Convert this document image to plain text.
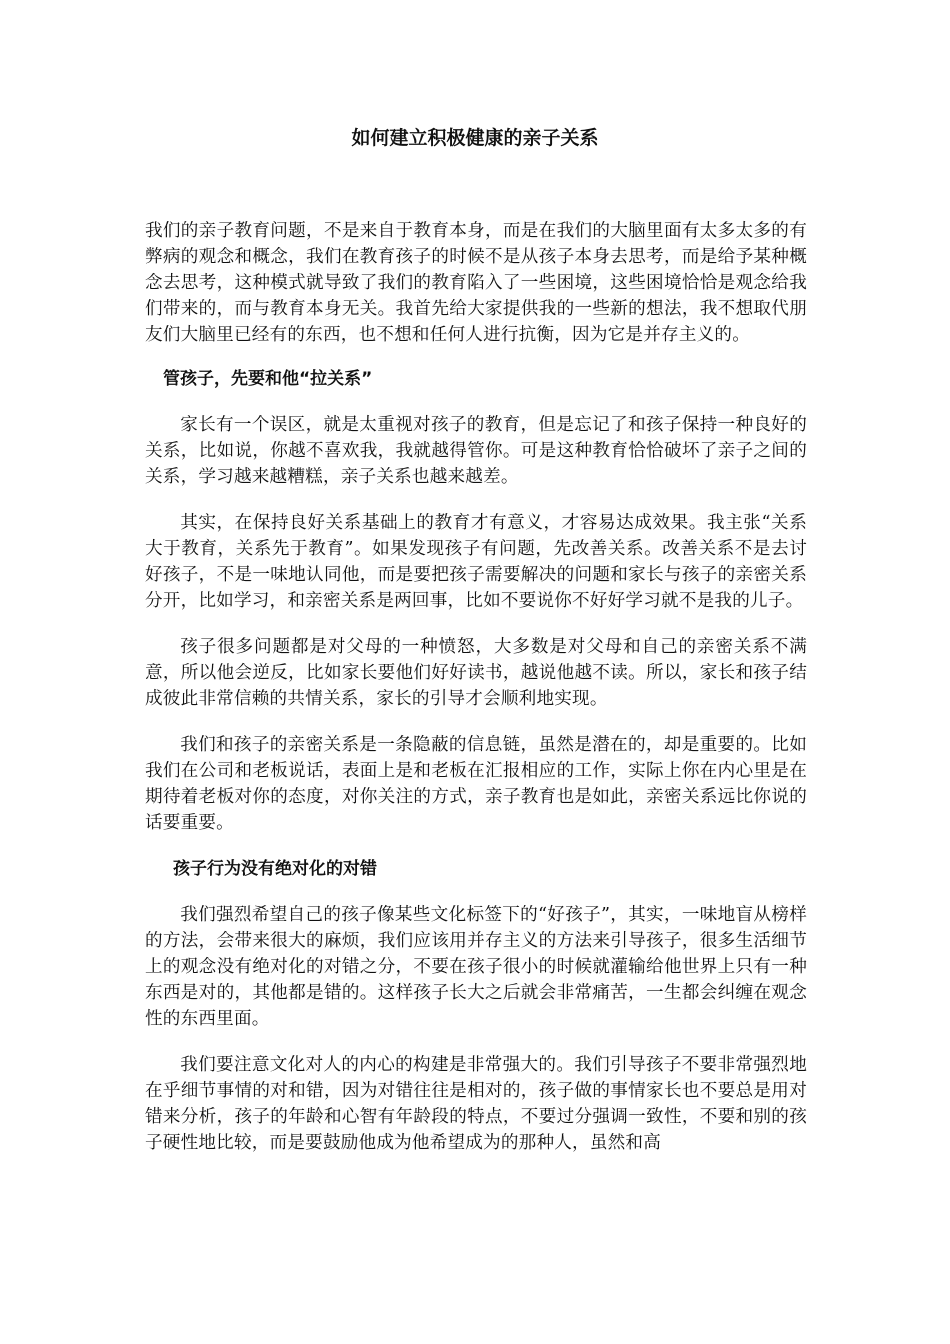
如何建立积极健康的亲子关系

我们的亲子教育问题，不是来自于教育本身，而是在我们的大脑里面有太多太多的有弊病的观念和概念，我们在教育孩子的时候不是从孩子本身去思考，而是给予某种概念去思考，这种模式就导致了我们的教育陷入了一些困境，这些困境恰恰是观念给我们带来的，而与教育本身无关。我首先给大家提供我的一些新的想法，我不想取代朋友们大脑里已经有的东西，也不想和任何人进行抗衡，因为它是并存主义的。

管孩子，先要和他“拉关系”

家长有一个误区，就是太重视对孩子的教育，但是忘记了和孩子保持一种良好的关系，比如说，你越不喜欢我，我就越得管你。可是这种教育恰恰破坏了亲子之间的关系，学习越来越糟糕，亲子关系也越来越差。

其实，在保持良好关系基础上的教育才有意义，才容易达成效果。我主张“关系大于教育，关系先于教育”。如果发现孩子有问题，先改善关系。改善关系不是去讨好孩子，不是一味地认同他，而是要把孩子需要解决的问题和家长与孩子的亲密关系分开，比如学习，和亲密关系是两回事，比如不要说你不好好学习就不是我的儿子。

孩子很多问题都是对父母的一种愤怒，大多数是对父母和自己的亲密关系不满意，所以他会逆反，比如家长要他们好好读书，越说他越不读。所以，家长和孩子结成彼此非常信赖的共情关系，家长的引导才会顺利地实现。

我们和孩子的亲密关系是一条隐蔽的信息链，虽然是潜在的，却是重要的。比如我们在公司和老板说话，表面上是和老板在汇报相应的工作，实际上你在内心里是在期待着老板对你的态度，对你关注的方式，亲子教育也是如此，亲密关系远比你说的话要重要。

孩子行为没有绝对化的对错

我们强烈希望自己的孩子像某些文化标签下的“好孩子”，其实，一味地盲从榜样的方法，会带来很大的麻烦，我们应该用并存主义的方法来引导孩子，很多生活细节上的观念没有绝对化的对错之分，不要在孩子很小的时候就灌输给他世界上只有一种东西是对的，其他都是错的。这样孩子长大之后就会非常痛苦，一生都会纠缠在观念性的东西里面。

我们要注意文化对人的内心的构建是非常强大的。我们引导孩子不要非常强烈地在乎细节事情的对和错，因为对错往往是相对的，孩子做的事情家长也不要总是用对错来分析，孩子的年龄和心智有年龄段的特点，不要过分强调一致性，不要和别的孩子硬性地比较，而是要鼓励他成为他希望成为的那种人，虽然和高
